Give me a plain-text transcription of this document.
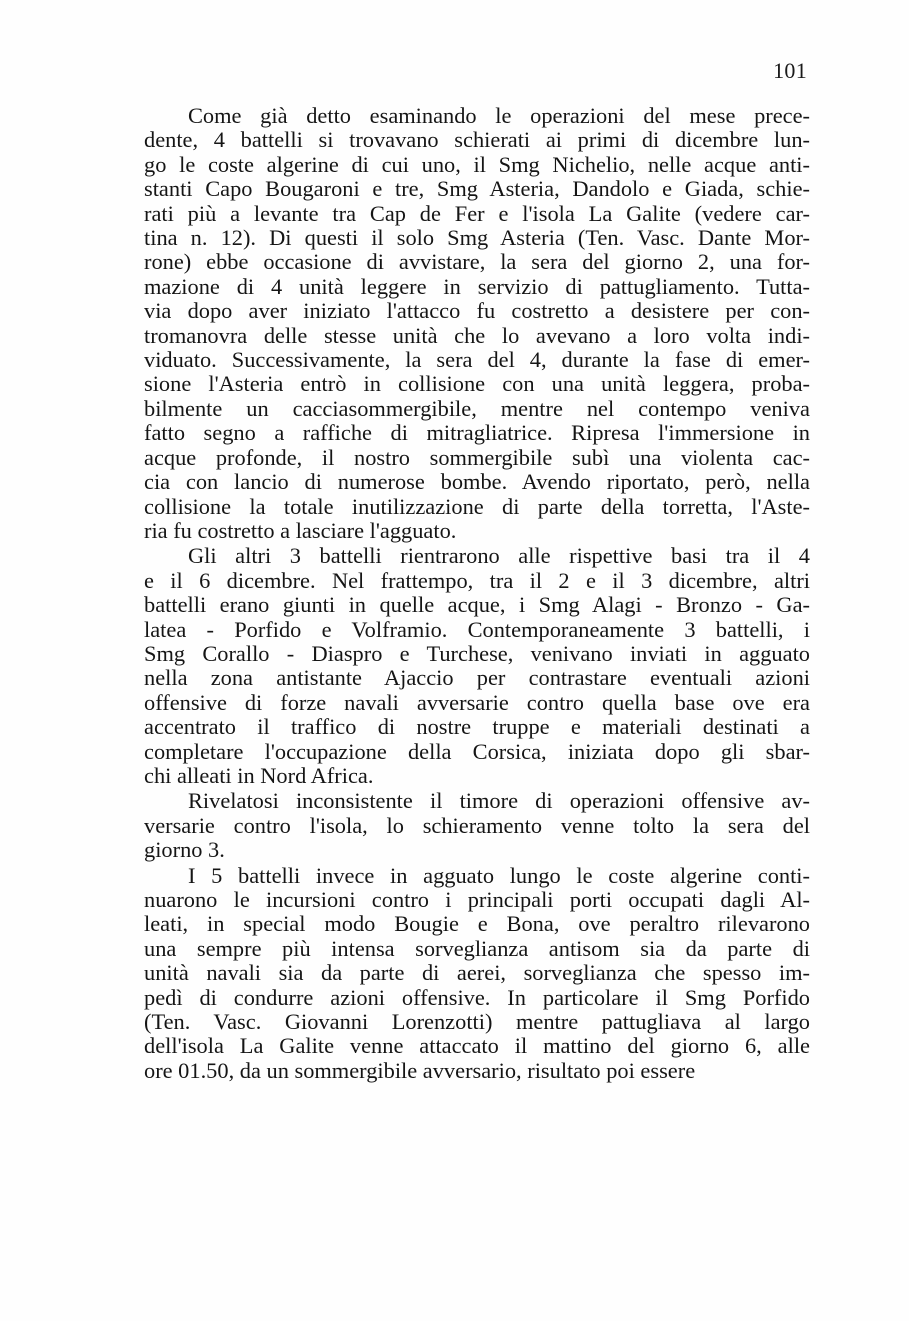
101
Come già detto esaminando le operazioni del mese prece-
dente, 4 battelli si trovavano schierati ai primi di dicembre lun-
go le coste algerine di cui uno, il Smg Nichelio, nelle acque anti-
stanti Capo Bougaroni e tre, Smg Asteria, Dandolo e Giada, schie-
rati più a levante tra Cap de Fer e l'isola La Galite (vedere car-
tina n. 12). Di questi il solo Smg Asteria (Ten. Vasc. Dante Mor-
rone) ebbe occasione di avvistare, la sera del giorno 2, una for-
mazione di 4 unità leggere in servizio di pattugliamento. Tutta-
via dopo aver iniziato l'attacco fu costretto a desistere per con-
tromanovra delle stesse unità che lo avevano a loro volta indi-
viduato. Successivamente, la sera del 4, durante la fase di emer-
sione l'Asteria entrò in collisione con una unità leggera, proba-
bilmente un cacciasommergibile, mentre nel contempo veniva
fatto segno a raffiche di mitragliatrice. Ripresa l'immersione in
acque profonde, il nostro sommergibile subì una violenta cac-
cia con lancio di numerose bombe. Avendo riportato, però, nella
collisione la totale inutilizzazione di parte della torretta, l'Aste-
ria fu costretto a lasciare l'agguato.
Gli altri 3 battelli rientrarono alle rispettive basi tra il 4
e il 6 dicembre. Nel frattempo, tra il 2 e il 3 dicembre, altri
battelli erano giunti in quelle acque, i Smg Alagi - Bronzo - Ga-
latea - Porfido e Volframio. Contemporaneamente 3 battelli, i
Smg Corallo - Diaspro e Turchese, venivano inviati in agguato
nella zona antistante Ajaccio per contrastare eventuali azioni
offensive di forze navali avversarie contro quella base ove era
accentrato il traffico di nostre truppe e materiali destinati a
completare l'occupazione della Corsica, iniziata dopo gli sbar-
chi alleati in Nord Africa.
Rivelatosi inconsistente il timore di operazioni offensive av-
versarie contro l'isola, lo schieramento venne tolto la sera del
giorno 3.
I 5 battelli invece in agguato lungo le coste algerine conti-
nuarono le incursioni contro i principali porti occupati dagli Al-
leati, in special modo Bougie e Bona, ove peraltro rilevarono
una sempre più intensa sorveglianza antisom sia da parte di
unità navali sia da parte di aerei, sorveglianza che spesso im-
pedì di condurre azioni offensive. In particolare il Smg Porfido
(Ten. Vasc. Giovanni Lorenzotti) mentre pattugliava al largo
dell'isola La Galite venne attaccato il mattino del giorno 6, alle
ore 01.50, da un sommergibile avversario, risultato poi essere
